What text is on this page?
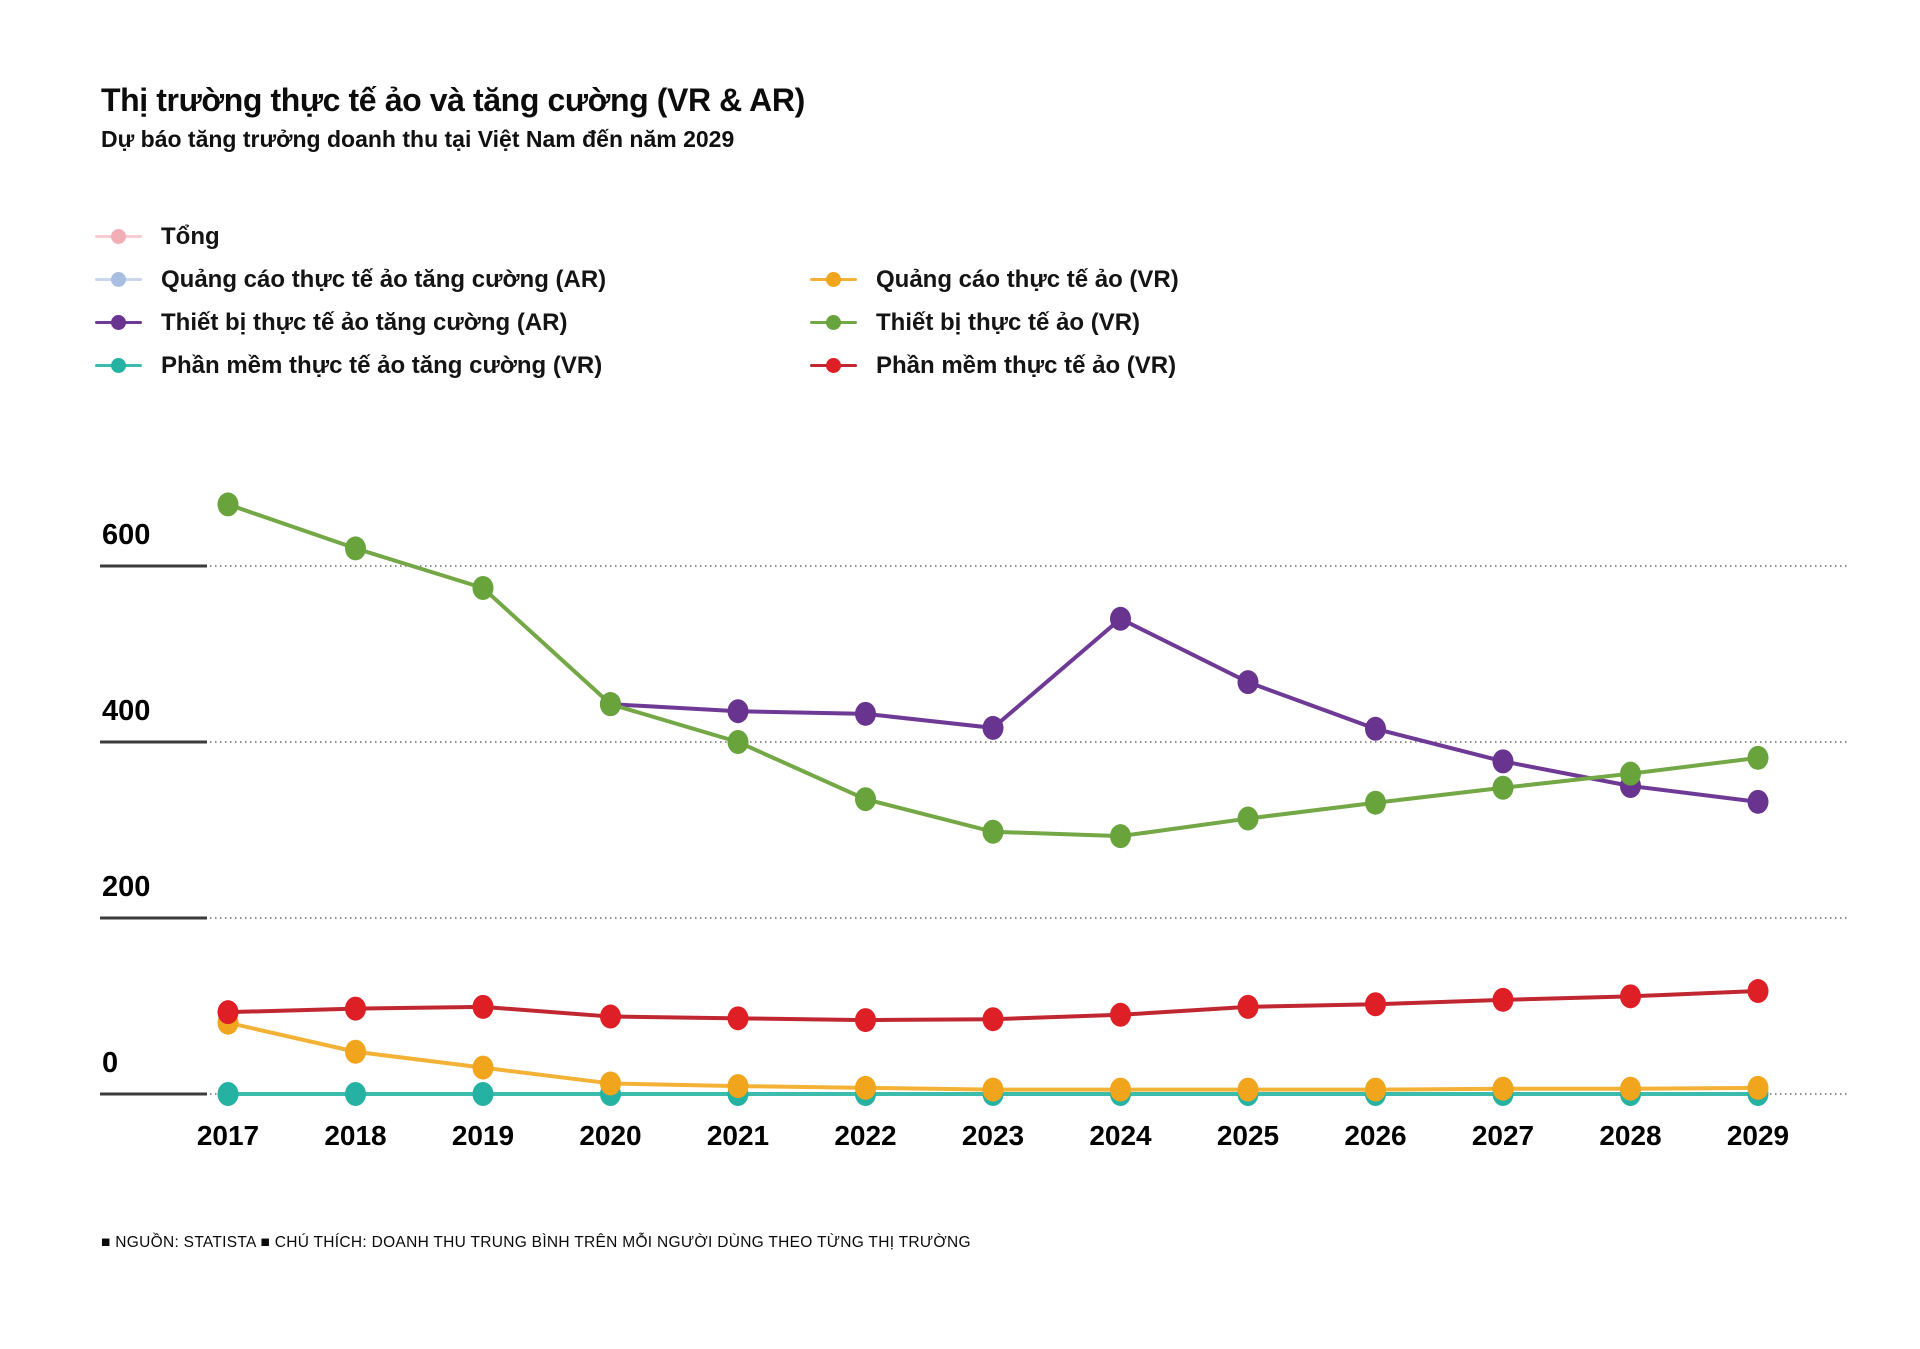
Thị trường thực tế ảo và tăng cường (VR & AR)
Dự báo tăng trưởng doanh thu tại Việt Nam đến năm 2029
Tổng
Quảng cáo thực tế ảo tăng cường (AR)
Thiết bị thực tế ảo tăng cường (AR)
Phần mềm thực tế ảo tăng cường (VR)
Quảng cáo thực tế ảo (VR)
Thiết bị thực tế ảo (VR)
Phần mềm thực tế ảo (VR)
600
400
200
0
2017 2018 2019 2020 2021 2022 2023 2024 2025 2026 2027 2028 2029
■ NGUỒN: STATISTA ■ CHÚ THÍCH: DOANH THU TRUNG BÌNH TRÊN MỖI NGƯỜI DÙNG THEO TỪNG THỊ TRƯỜNG
